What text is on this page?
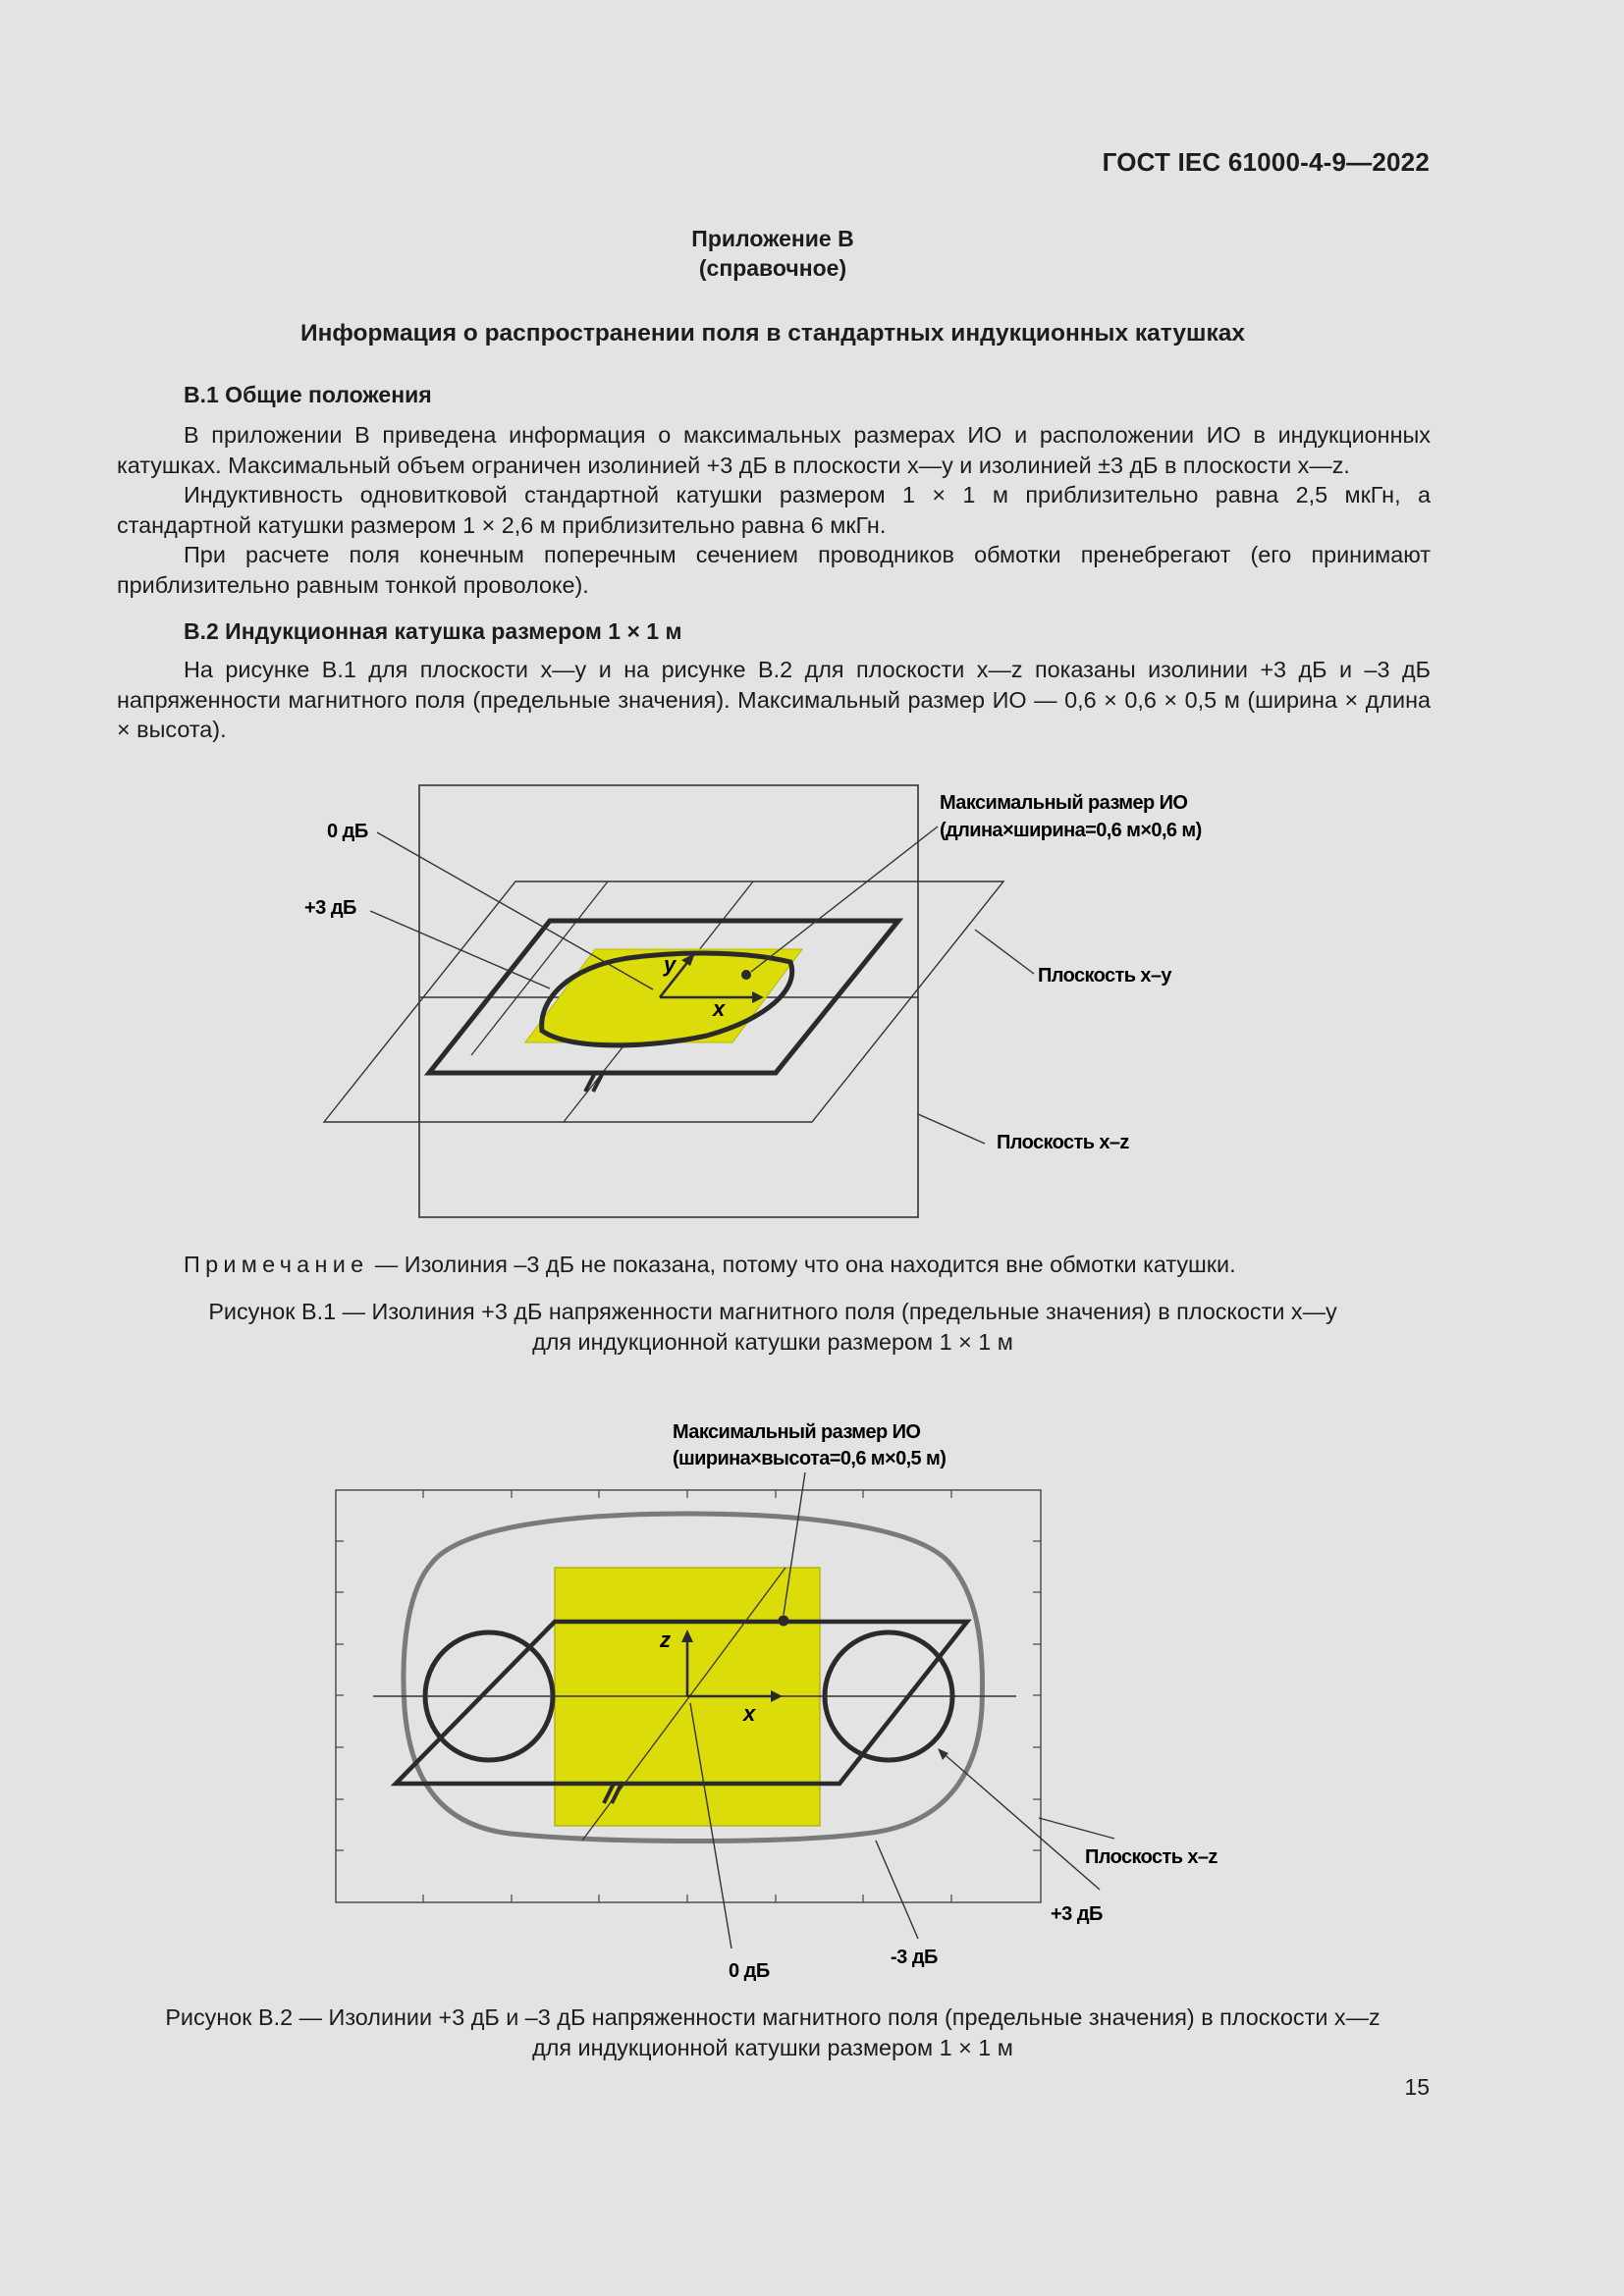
ГОСТ IEC 61000-4-9—2022
Приложение В
(справочное)
Информация о распространении поля в стандартных индукционных катушках
В.1 Общие положения

В приложении В приведена информация о максимальных размерах ИО и расположении ИО в индукционных катушках. Максимальный объем ограничен изолинией +3 дБ в плоскости x—y и изолинией ±3 дБ в плоскости x—z.

Индуктивность одновитковой стандартной катушки размером 1 × 1 м приблизительно равна 2,5 мкГн, а стандартной катушки размером 1 × 2,6 м приблизительно равна 6 мкГн.

При расчете поля конечным поперечным сечением проводников обмотки пренебрегают (его принимают приблизительно равным тонкой проволоке).

В.2 Индукционная катушка размером 1 × 1 м

На рисунке В.1 для плоскости x—y и на рисунке В.2 для плоскости x—z показаны изолинии +3 дБ и –3 дБ напряженности магнитного поля (предельные значения). Максимальный размер ИО — 0,6 × 0,6 × 0,5 м (ширина × длина × высота).

y
x
0 дБ
+3 дБ
Максимальный размер ИО
(длина×ширина=0,6 м×0,6 м)
Плоскость x–y
Плоскость x–z
Примечание — Изолиния –3 дБ не показана, потому что она находится вне обмотки катушки.
Рисунок В.1 — Изолиния +3 дБ напряженности магнитного поля (предельные значения) в плоскости x—y
для индукционной катушки размером 1 × 1 м
z
x
Максимальный размер ИО
(ширина×высота=0,6 м×0,5 м)
Плоскость x–z
+3 дБ
-3 дБ
0 дБ
Рисунок В.2 — Изолинии +3 дБ и –3 дБ напряженности магнитного поля (предельные значения) в плоскости x—z
для индукционной катушки размером 1 × 1 м
15
